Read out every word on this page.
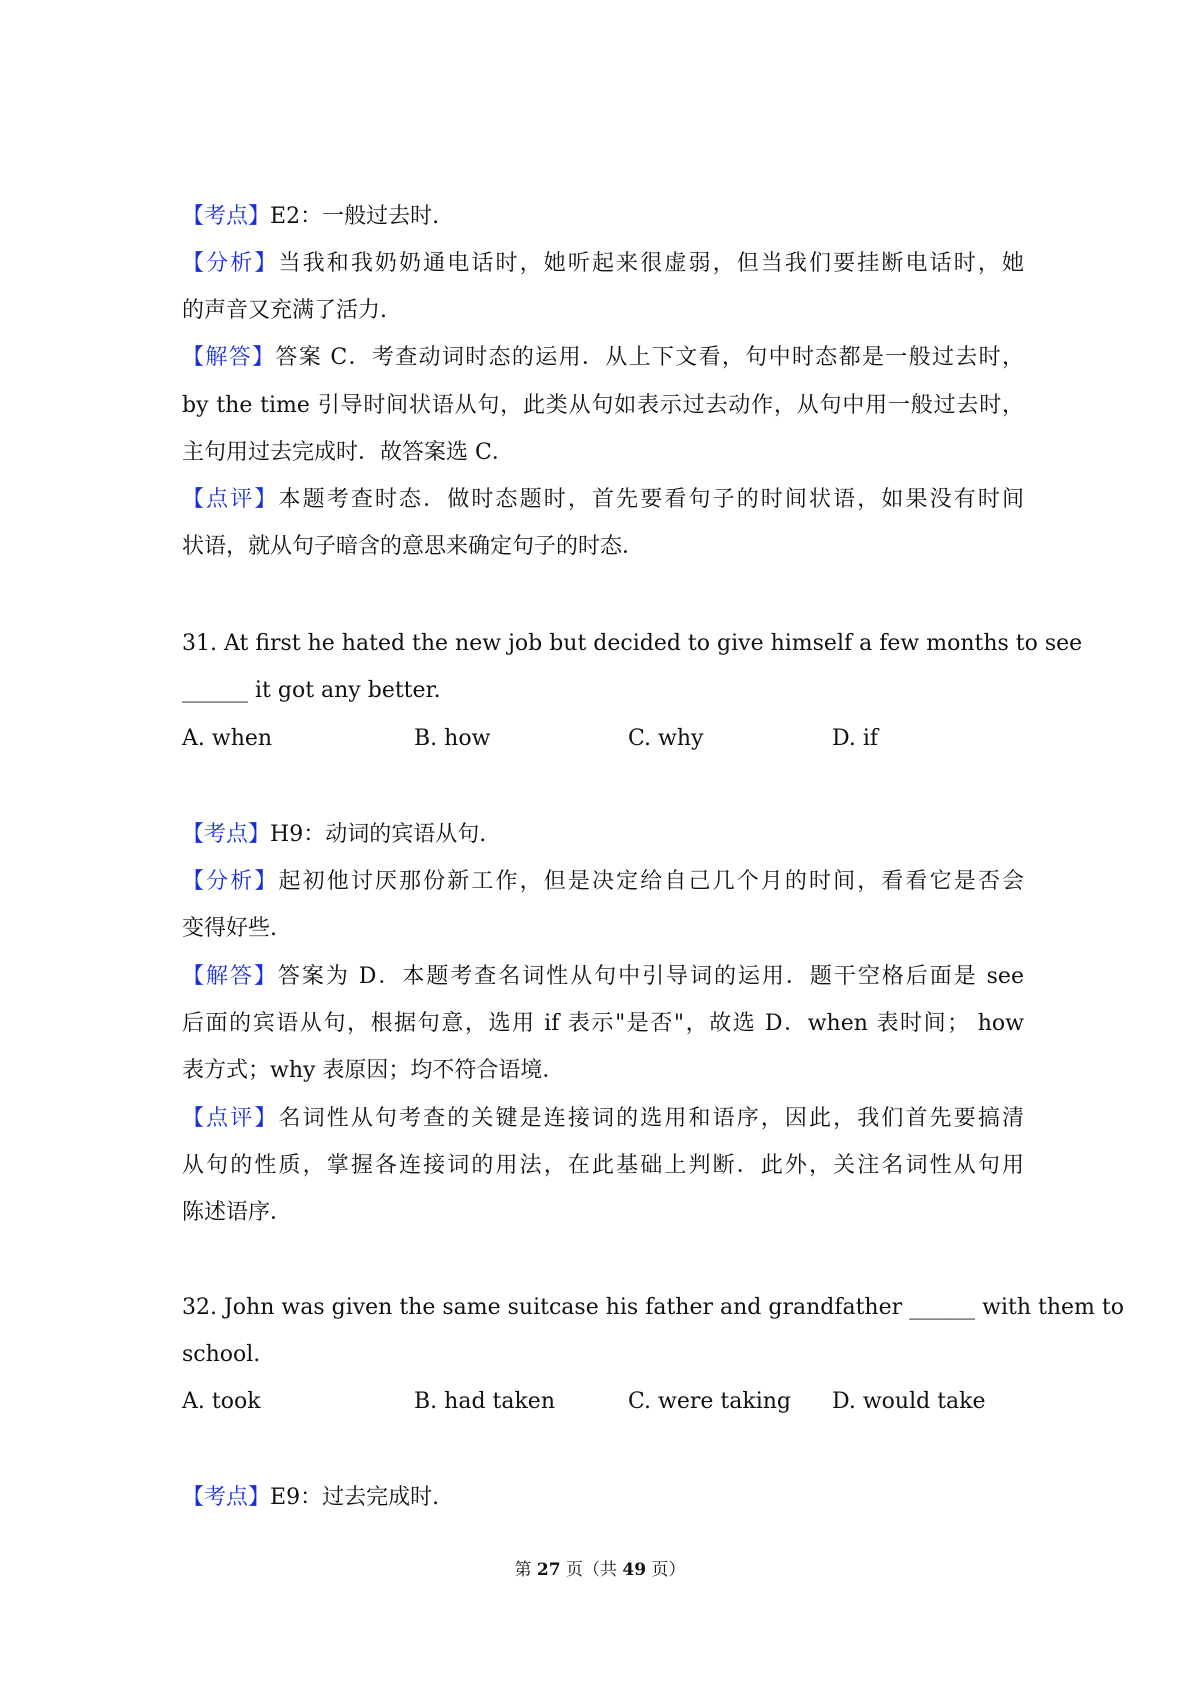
【考点】E2：一般过去时.
【分析】当我和我奶奶通电话时，她听起来很虚弱，但当我们要挂断电话时，她
的声音又充满了活力.
【解答】答案 C．考查动词时态的运用．从上下文看，句中时态都是一般过去时，
by the time 引导时间状语从句，此类从句如表示过去动作，从句中用一般过去时，
主句用过去完成时．故答案选 C．
【点评】本题考查时态．做时态题时，首先要看句子的时间状语，如果没有时间
状语，就从句子暗含的意思来确定句子的时态．
31. At first he hated the new job but decided to give himself a few months to see
______ it got any better.
A. when	B. how	C. why	D. if
【考点】H9：动词的宾语从句.
【分析】起初他讨厌那份新工作，但是决定给自己几个月的时间，看看它是否会
变得好些.
【解答】答案为 D．本题考查名词性从句中引导词的运用．题干空格后面是 see
后面的宾语从句，根据句意，选用 if 表示"是否"，故选 D．when 表时间； how
表方式；why 表原因；均不符合语境．
【点评】名词性从句考查的关键是连接词的选用和语序，因此，我们首先要搞清
从句的性质，掌握各连接词的用法，在此基础上判断．此外，关注名词性从句用
陈述语序．
32. John was given the same suitcase his father and grandfather ______ with them to
school.
A. took	B. had taken	C. were taking D. would take
【考点】E9：过去完成时.
第 27 页（共 49 页）
